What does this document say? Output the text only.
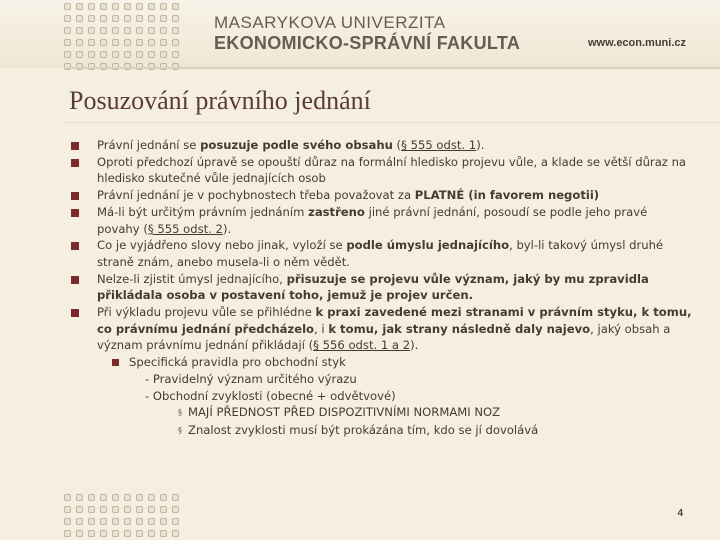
MASARYKOVA UNIVERZITA
EKONOMICKO-SPRÁVNÍ FAKULTA	www.econ.muni.cz
Posuzování právního jednání
Právní jednání se posuzuje podle svého obsahu (§ 555 odst. 1).
Oproti předchozí úpravě se opouští důraz na formální hledisko projevu vůle, a klade se větší důraz na hledisko skutečné vůle jednajících osob
Právní jednání je v pochybnostech třeba považovat za PLATNÉ (in favorem negotii)
Má-li být určitým právním jednáním zastřeno jiné právní jednání, posoudí se podle jeho pravé povahy (§ 555 odst. 2).
Co je vyjádřeno slovy nebo jinak, vyloží se podle úmyslu jednajícího, byl-li takový úmysl druhé straně znám, anebo musela-li o něm vědět.
Nelze-li zjistit úmysl jednajícího, přisuzuje se projevu vůle význam, jaký by mu zpravidla přikládala osoba v postavení toho, jemuž je projev určen.
Při výkladu projevu vůle se přihlédne k praxi zavedené mezi stranami v právním styku, k tomu, co právnímu jednání předcházelo, i k tomu, jak strany následně daly najevo, jaký obsah a význam právnímu jednání přikládají (§ 556 odst. 1 a 2).
Specifická pravidla pro obchodní styk
- Pravidelný význam určitého výrazu
- Obchodní zvyklosti (obecné + odvětvové)
§ MAJÍ PŘEDNOST PŘED DISPOZITIVNÍMI NORMAMI NOZ
§ Znalost zvyklosti musí být prokázána tím, kdo se jí dovolává
4
